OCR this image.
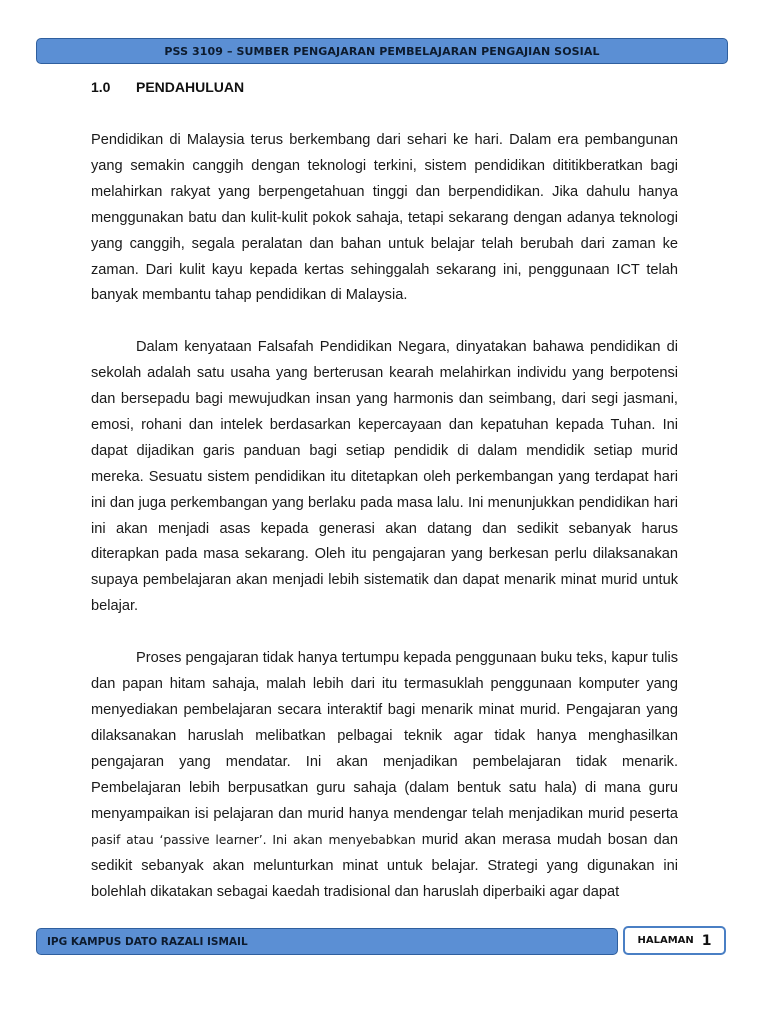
PSS 3109 – SUMBER PENGAJARAN PEMBELAJARAN PENGAJIAN SOSIAL
1.0 PENDAHULUAN

Pendidikan di Malaysia terus berkembang dari sehari ke hari. Dalam era pembangunan yang semakin canggih dengan teknologi terkini, sistem pendidikan dititikberatkan bagi melahirkan rakyat yang berpengetahuan tinggi dan berpendidikan. Jika dahulu hanya menggunakan batu dan kulit-kulit pokok sahaja, tetapi sekarang dengan adanya teknologi yang canggih, segala peralatan dan bahan untuk belajar telah berubah dari zaman ke zaman. Dari kulit kayu kepada kertas sehinggalah sekarang ini, penggunaan ICT telah banyak membantu tahap pendidikan di Malaysia.

Dalam kenyataan Falsafah Pendidikan Negara, dinyatakan bahawa pendidikan di sekolah adalah satu usaha yang berterusan kearah melahirkan individu yang berpotensi dan bersepadu bagi mewujudkan insan yang harmonis dan seimbang, dari segi jasmani, emosi, rohani dan intelek berdasarkan kepercayaan dan kepatuhan kepada Tuhan. Ini dapat dijadikan garis panduan bagi setiap pendidik di dalam mendidik setiap murid mereka. Sesuatu sistem pendidikan itu ditetapkan oleh perkembangan yang terdapat hari ini dan juga perkembangan yang berlaku pada masa lalu. Ini menunjukkan pendidikan hari ini akan menjadi asas kepada generasi akan datang dan sedikit sebanyak harus diterapkan pada masa sekarang. Oleh itu pengajaran yang berkesan perlu dilaksanakan supaya pembelajaran akan menjadi lebih sistematik dan dapat menarik minat murid untuk belajar.

Proses pengajaran tidak hanya tertumpu kepada penggunaan buku teks, kapur tulis dan papan hitam sahaja, malah lebih dari itu termasuklah penggunaan komputer yang menyediakan pembelajaran secara interaktif bagi menarik minat murid. Pengajaran yang dilaksanakan haruslah melibatkan pelbagai teknik agar tidak hanya menghasilkan pengajaran yang mendatar. Ini akan menjadikan pembelajaran tidak menarik. Pembelajaran lebih berpusatkan guru sahaja (dalam bentuk satu hala) di mana guru menyampaikan isi pelajaran dan murid hanya mendengar telah menjadikan murid peserta pasif atau ‘passive learner’. Ini akan menyebabkan murid akan merasa mudah bosan dan sedikit sebanyak akan melunturkan minat untuk belajar. Strategi yang digunakan ini bolehlah dikatakan sebagai kaedah tradisional dan haruslah diperbaiki agar dapat

IPG KAMPUS DATO RAZALI ISMAIL	HALAMAN 1
